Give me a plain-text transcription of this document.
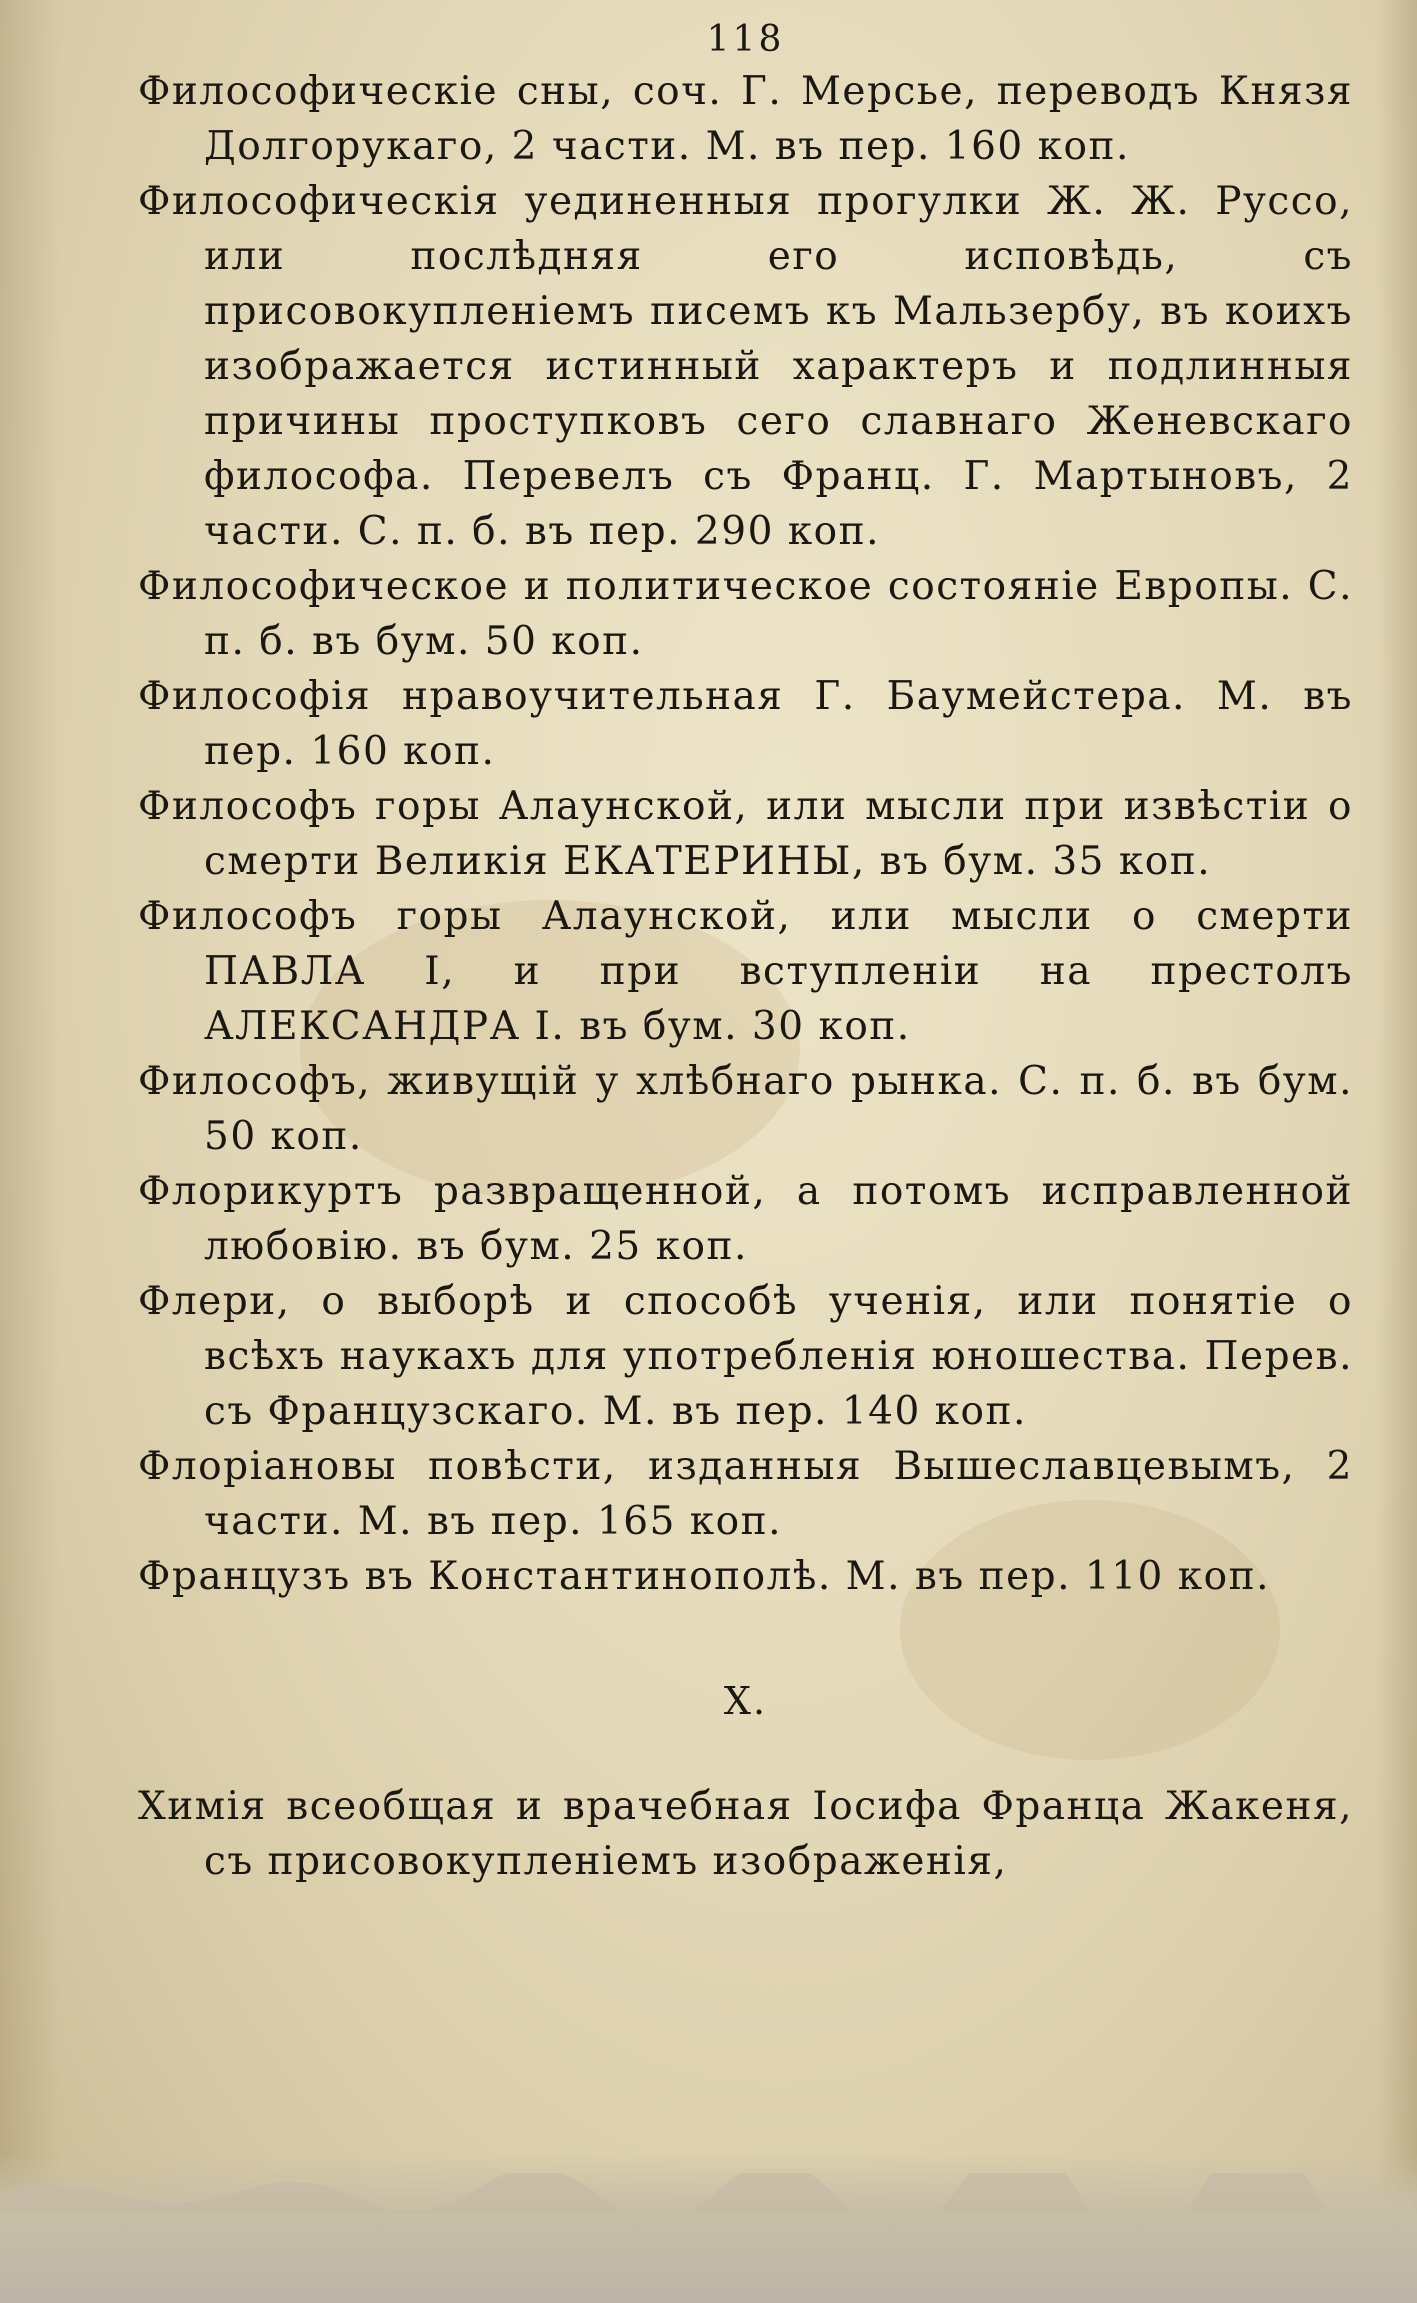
118
Философическіе сны, соч. Г. Мерсье, переводъ Князя Долгорукаго, 2 части. М. въ пер. 160 коп.
Философическія уединенныя прогулки Ж. Ж. Руссо, или послѣдняя его исповѣдь, съ присовокупленіемъ писемъ къ Мальзербу, въ коихъ изображается истинный характеръ и подлинныя причины проступковъ сего славнаго Женевскаго философа. Перевелъ съ Франц. Г. Мартыновъ, 2 части. С. п. б. въ пер. 290 коп.
Философическое и политическое состояніе Европы. С. п. б. въ бум. 50 коп.
Философія нравоучительная Г. Баумейстера. М. въ пер. 160 коп.
Философъ горы Алаунской, или мысли при извѣстіи о смерти Великія ЕКАТЕРИНЫ, въ бум. 35 коп.
Философъ горы Алаунской, или мысли о смерти ПАВЛА I, и при вступленіи на престолъ АЛЕКСАНДРА I. въ бум. 30 коп.
Философъ, живущій у хлѣбнаго рынка. С. п. б. въ бум. 50 коп.
Флорикуртъ развращенной, а потомъ исправленной любовію. въ бум. 25 коп.
Флери, о выборѣ и способѣ ученія, или понятіе о всѣхъ наукахъ для употребленія юношества. Перев. съ Французскаго. М. въ пер. 140 коп.
Флоріановы повѣсти, изданныя Вышеславцевымъ, 2 части. М. въ пер. 165 коп.
Французъ въ Константинополѣ. М. въ пер. 110 коп.
Х.
Химія всеобщая и врачебная Іосифа Франца Жакеня, съ присовокупленіемъ изображенія,
